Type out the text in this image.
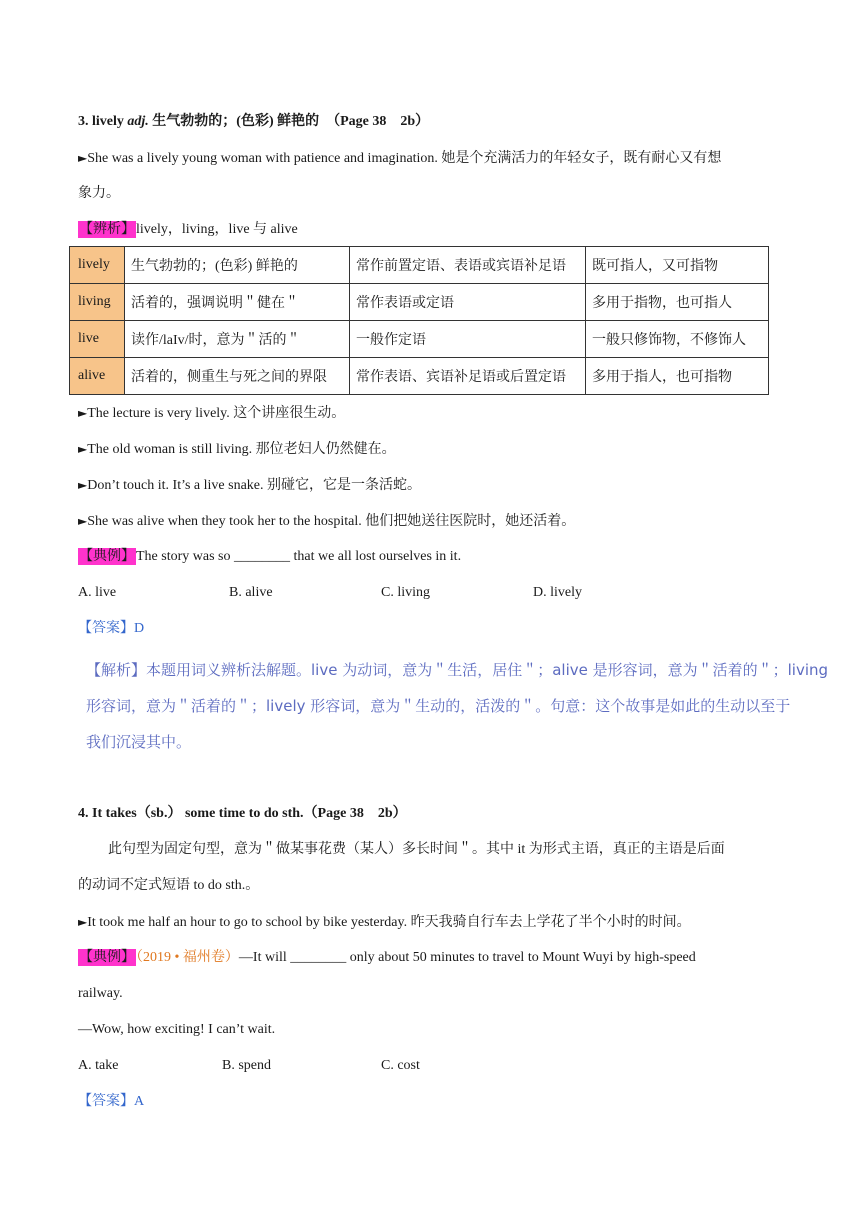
3. lively adj. 生气勃勃的；(色彩) 鲜艳的　（Page 38　2b）
►She was a lively young woman with patience and imagination. 她是个充满活力的年轻女子，既有耐心又有想
象力。
【辨析】lively，living，live 与 alive
lively	生气勃勃的；(色彩) 鲜艳的	常作前置定语、表语或宾语补足语	既可指人，又可指物
living	活着的，强调说明＂健在＂	常作表语或定语	多用于指物，也可指人
live	读作/laIv/时，意为＂活的＂	一般作定语	一般只修饰物，不修饰人
alive	活着的，侧重生与死之间的界限	常作表语、宾语补足语或后置定语	多用于指人，也可指物
►The lecture is very lively. 这个讲座很生动。
►The old woman is still living. 那位老妇人仍然健在。
►Don’t touch it. It’s a live snake. 别碰它，它是一条活蛇。
►She was alive when they took her to the hospital. 他们把她送往医院时，她还活着。
【典例】The story was so ________ that we all lost ourselves in it.
A. live	B. alive	C. living	D. lively
【答案】D
【解析】本题用词义辨析法解题。live 为动词，意为＂生活，居住＂；alive 是形容词，意为＂活着的＂；living
形容词，意为＂活着的＂；lively 形容词，意为＂生动的，活泼的＂。句意：这个故事是如此的生动以至于
我们沉浸其中。
4. It takes（sb.） some time to do sth.（Page 38　2b）
此句型为固定句型，意为＂做某事花费（某人）多长时间＂。其中 it 为形式主语，真正的主语是后面
的动词不定式短语 to do sth.。
►It took me half an hour to go to school by bike yesterday. 昨天我骑自行车去上学花了半个小时的时间。
【典例】（2019 • 福州卷）—It will ________ only about 50 minutes to travel to Mount Wuyi by high-speed
railway.
—Wow, how exciting! I can’t wait.
A. take	B. spend	C. cost
【答案】A
